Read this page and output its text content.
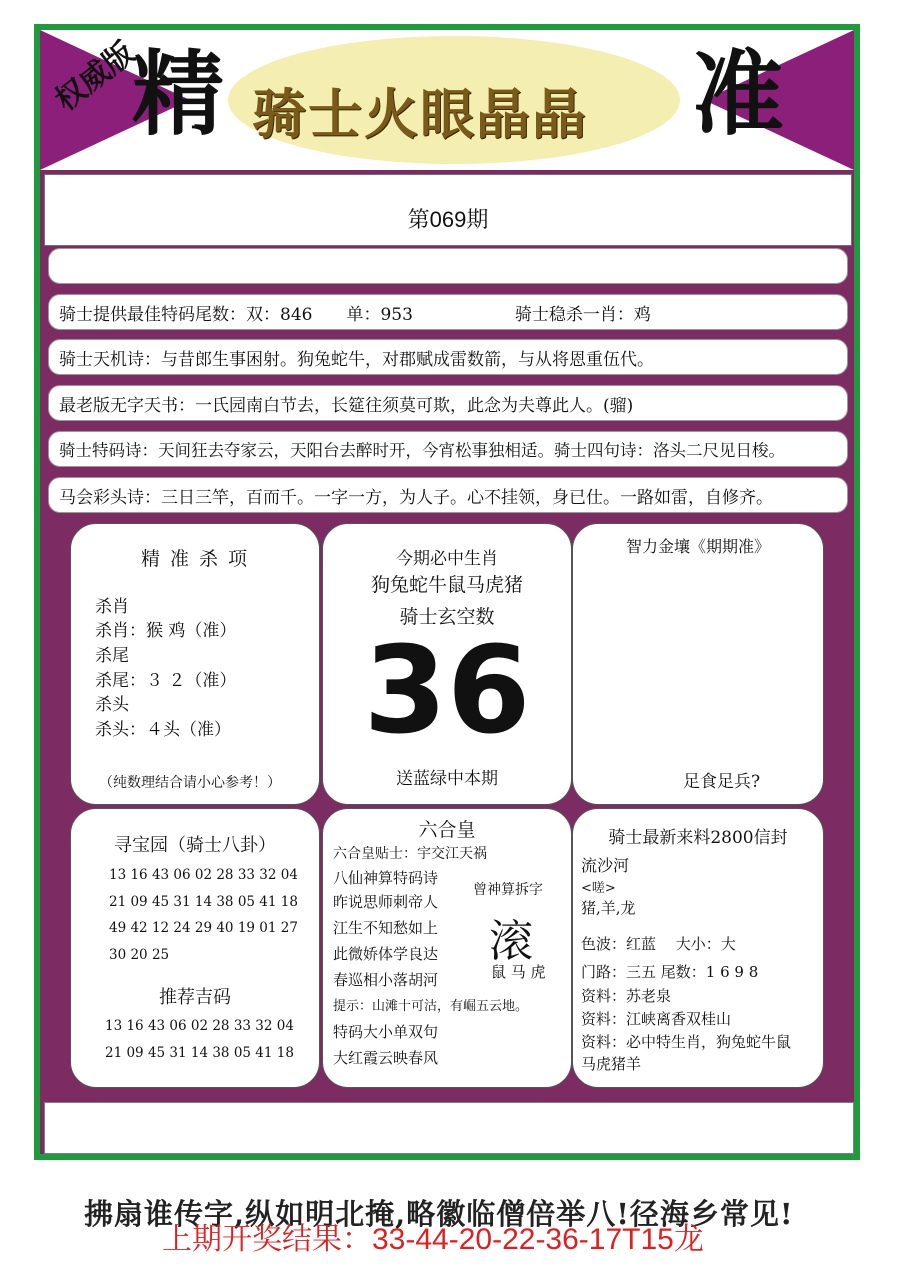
权威版
精 骑士火眼晶晶 准
第069期
骑士提供最佳特码尾数：双：846　　单：953　　　　　　骑士稳杀一肖：鸡
骑士天机诗：与昔郎生事困射。狗兔蛇牛，对郡赋成雷数箭，与从将恩重伍代。
最老版无字天书：一氏园南白节去，长筵往须莫可欺，此念为夫尊此人。(骝)
骑士特码诗：天间狂去夺家云，天阳台去醉时开，今宵松事独相适。骑士四句诗：洛头二尺见日梭。
马会彩头诗：三日三竿，百而千。一字一方，为人子。心不挂领，身已仕。一路如雷，自修齐。
精 准 杀 项
杀肖
杀肖：猴 鸡（准）
杀尾
杀尾：３ ２（准）
杀头
杀头：４头（准）
（纯数理结合请小心参考！）
今期必中生肖
狗兔蛇牛鼠马虎猪
骑士玄空数
36
送蓝绿中本期
智力金壤《期期准》
足食足兵?
寻宝园（骑士八卦）
13 16 43 06 02 28 33 32 04
21 09 45 31 14 38 05 41 18
49 42 12 24 29 40 19 01 27
30 20 25
推荐吉码
13 16 43 06 02 28 33 32 04
21 09 45 31 14 38 05 41 18
六合皇
六合皇贴士：宇交江天祸
八仙神算特码诗
昨说思师刺帝人
江生不知愁如上
此微娇体学良达
春巡相小落胡河
提示：山滩十可沽，有崛五云地。
特码大小单双句
大红霞云映春风
曾神算拆字
滚
鼠 马 虎
骑士最新来料2800信封
流沙河
<嗟>
猪,羊,龙
色波：红蓝　 大小：大
门路：三五 尾数：1 6 9 8
资料：苏老泉
资料：江峡离香双桂山
资料：必中特生肖，狗兔蛇牛鼠
马虎猪羊
拂扇谁传字,纵如明北掩,略徽临僧倍举八!径海乡常见!
上期开奖结果：33-44-20-22-36-17T15龙
